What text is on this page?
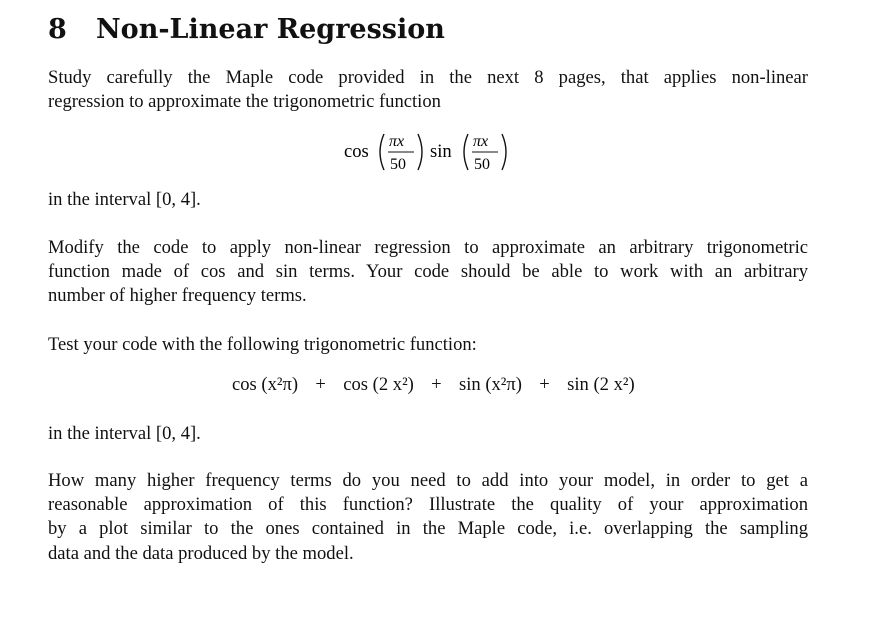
8 Non-Linear Regression
Study carefully the Maple code provided in the next 8 pages, that applies non-linear
regression to approximate the trigonometric function
cos πx
50
sin πx
50
in the interval [0, 4].
Modify the code to apply non-linear regression to approximate an arbitrary trigonometric
function made of cos and sin terms. Your code should be able to work with an arbitrary
number of higher frequency terms.
Test your code with the following trigonometric function:
cos (x²π) + cos (2 x²) + sin (x²π) + sin (2 x²)
in the interval [0, 4].
How many higher frequency terms do you need to add into your model, in order to get a
reasonable approximation of this function? Illustrate the quality of your approximation
by a plot similar to the ones contained in the Maple code, i.e. overlapping the sampling
data and the data produced by the model.
